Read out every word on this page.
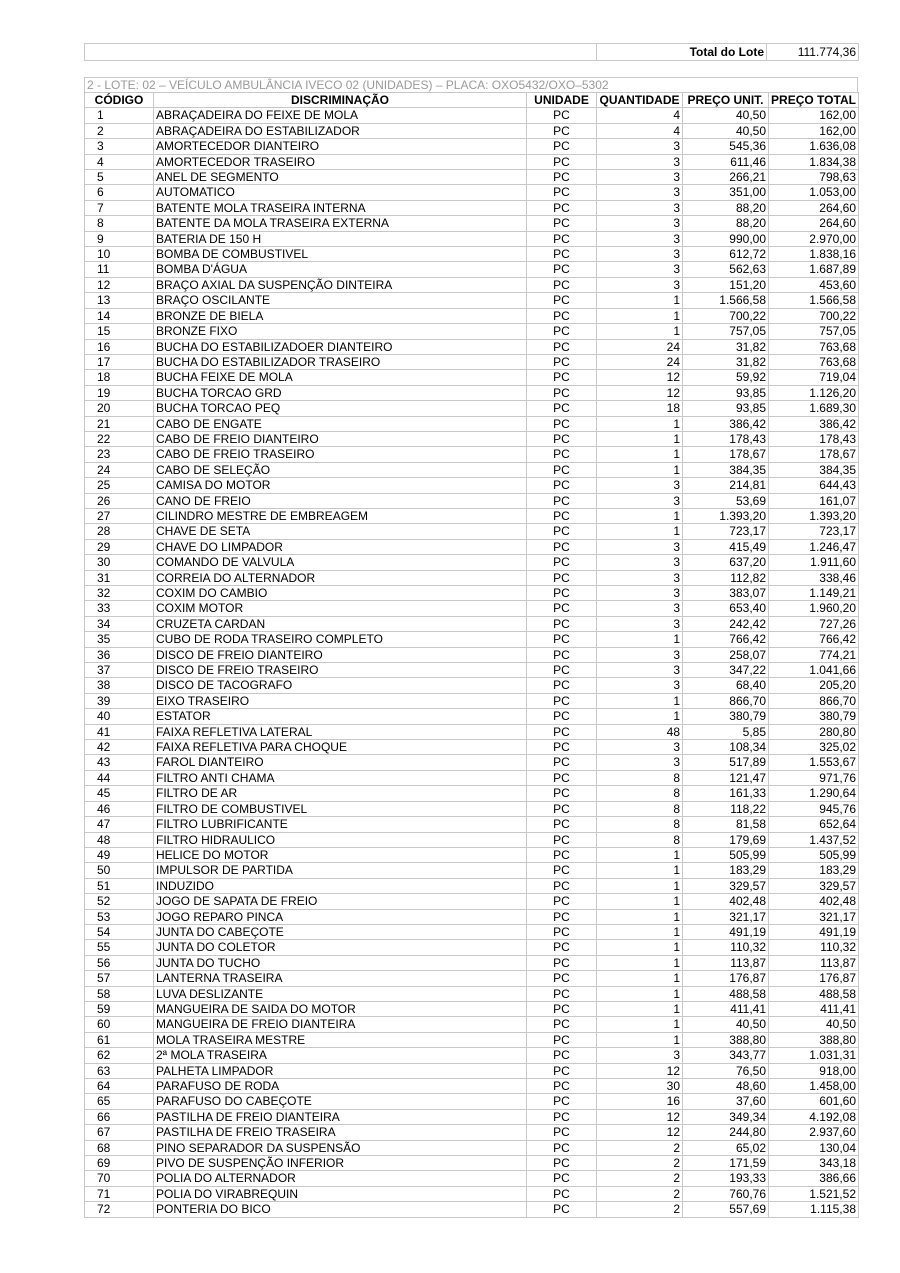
	Total do Lote	111.774,36
2 - LOTE: 02 – VEÍCULO AMBULÂNCIA IVECO 02 (UNIDADES) – PLACA: OXO5432/OXO–5302
CÓDIGO	DISCRIMINAÇÃO	UNIDADE	QUANTIDADE	PREÇO UNIT.	PREÇO TOTAL
1	ABRAÇADEIRA DO FEIXE DE MOLA	PC	4	40,50	162,00
2	ABRAÇADEIRA DO ESTABILIZADOR	PC	4	40,50	162,00
3	AMORTECEDOR DIANTEIRO	PC	3	545,36	1.636,08
4	AMORTECEDOR TRASEIRO	PC	3	611,46	1.834,38
5	ANEL DE SEGMENTO	PC	3	266,21	798,63
6	AUTOMATICO	PC	3	351,00	1.053,00
7	BATENTE MOLA TRASEIRA INTERNA	PC	3	88,20	264,60
8	BATENTE DA MOLA TRASEIRA EXTERNA	PC	3	88,20	264,60
9	BATERIA DE 150 H	PC	3	990,00	2.970,00
10	BOMBA DE COMBUSTIVEL	PC	3	612,72	1.838,16
11	BOMBA D'ÁGUA	PC	3	562,63	1.687,89
12	BRAÇO AXIAL DA SUSPENÇÃO DINTEIRA	PC	3	151,20	453,60
13	BRAÇO OSCILANTE	PC	1	1.566,58	1.566,58
14	BRONZE DE BIELA	PC	1	700,22	700,22
15	BRONZE FIXO	PC	1	757,05	757,05
16	BUCHA DO ESTABILIZADOER DIANTEIRO	PC	24	31,82	763,68
17	BUCHA DO ESTABILIZADOR TRASEIRO	PC	24	31,82	763,68
18	BUCHA FEIXE DE MOLA	PC	12	59,92	719,04
19	BUCHA TORCAO GRD	PC	12	93,85	1.126,20
20	BUCHA TORCAO PEQ	PC	18	93,85	1.689,30
21	CABO DE ENGATE	PC	1	386,42	386,42
22	CABO DE FREIO DIANTEIRO	PC	1	178,43	178,43
23	CABO DE FREIO TRASEIRO	PC	1	178,67	178,67
24	CABO DE SELEÇÃO	PC	1	384,35	384,35
25	CAMISA DO MOTOR	PC	3	214,81	644,43
26	CANO DE FREIO	PC	3	53,69	161,07
27	CILINDRO MESTRE DE EMBREAGEM	PC	1	1.393,20	1.393,20
28	CHAVE DE SETA	PC	1	723,17	723,17
29	CHAVE DO LIMPADOR	PC	3	415,49	1.246,47
30	COMANDO DE VALVULA	PC	3	637,20	1.911,60
31	CORREIA DO ALTERNADOR	PC	3	112,82	338,46
32	COXIM DO CAMBIO	PC	3	383,07	1.149,21
33	COXIM MOTOR	PC	3	653,40	1.960,20
34	CRUZETA CARDAN	PC	3	242,42	727,26
35	CUBO DE RODA TRASEIRO COMPLETO	PC	1	766,42	766,42
36	DISCO DE FREIO DIANTEIRO	PC	3	258,07	774,21
37	DISCO DE FREIO TRASEIRO	PC	3	347,22	1.041,66
38	DISCO DE TACOGRAFO	PC	3	68,40	205,20
39	EIXO TRASEIRO	PC	1	866,70	866,70
40	ESTATOR	PC	1	380,79	380,79
41	FAIXA REFLETIVA LATERAL	PC	48	5,85	280,80
42	FAIXA REFLETIVA PARA CHOQUE	PC	3	108,34	325,02
43	FAROL DIANTEIRO	PC	3	517,89	1.553,67
44	FILTRO ANTI CHAMA	PC	8	121,47	971,76
45	FILTRO DE AR	PC	8	161,33	1.290,64
46	FILTRO DE COMBUSTIVEL	PC	8	118,22	945,76
47	FILTRO LUBRIFICANTE	PC	8	81,58	652,64
48	FILTRO HIDRAULICO	PC	8	179,69	1.437,52
49	HELICE DO MOTOR	PC	1	505,99	505,99
50	IMPULSOR DE PARTIDA	PC	1	183,29	183,29
51	INDUZIDO	PC	1	329,57	329,57
52	JOGO DE SAPATA DE FREIO	PC	1	402,48	402,48
53	JOGO REPARO PINCA	PC	1	321,17	321,17
54	JUNTA DO CABEÇOTE	PC	1	491,19	491,19
55	JUNTA DO COLETOR	PC	1	110,32	110,32
56	JUNTA DO TUCHO	PC	1	113,87	113,87
57	LANTERNA TRASEIRA	PC	1	176,87	176,87
58	LUVA DESLIZANTE	PC	1	488,58	488,58
59	MANGUEIRA DE SAIDA DO MOTOR	PC	1	411,41	411,41
60	MANGUEIRA DE FREIO DIANTEIRA	PC	1	40,50	40,50
61	MOLA TRASEIRA MESTRE	PC	1	388,80	388,80
62	2ª MOLA TRASEIRA	PC	3	343,77	1.031,31
63	PALHETA LIMPADOR	PC	12	76,50	918,00
64	PARAFUSO DE RODA	PC	30	48,60	1.458,00
65	PARAFUSO DO CABEÇOTE	PC	16	37,60	601,60
66	PASTILHA DE FREIO DIANTEIRA	PC	12	349,34	4.192,08
67	PASTILHA DE FREIO TRASEIRA	PC	12	244,80	2.937,60
68	PINO SEPARADOR DA SUSPENSÃO	PC	2	65,02	130,04
69	PIVO DE SUSPENÇÃO INFERIOR	PC	2	171,59	343,18
70	POLIA DO ALTERNADOR	PC	2	193,33	386,66
71	POLIA DO VIRABREQUIN	PC	2	760,76	1.521,52
72	PONTERIA DO BICO	PC	2	557,69	1.115,38
